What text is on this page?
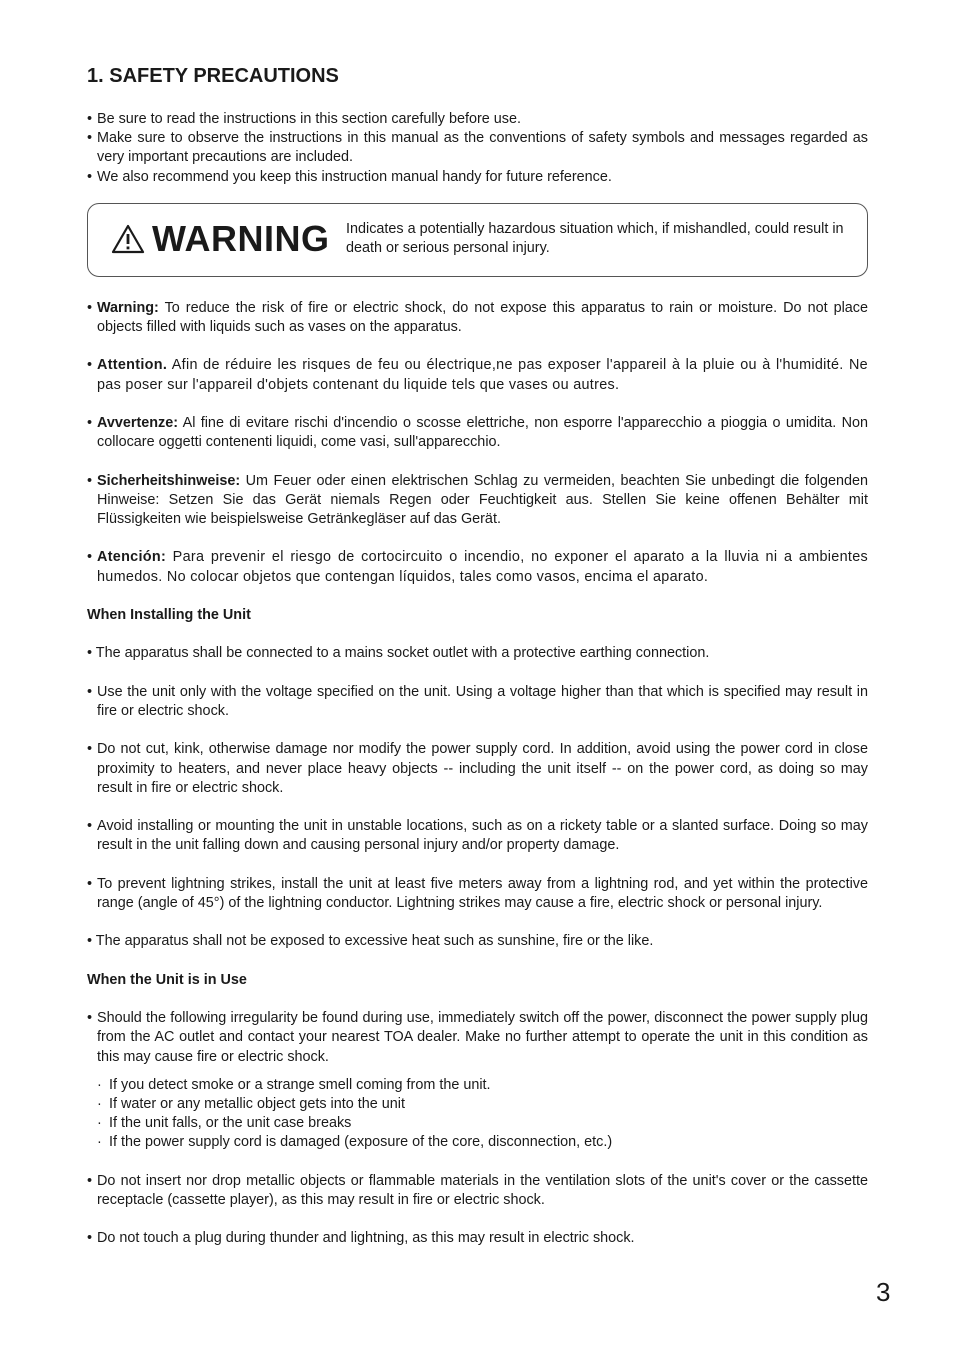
1. SAFETY PRECAUTIONS
• Be sure to read the instructions in this section carefully before use.
• Make sure to observe the instructions in this manual as the conventions of safety symbols and messages regarded as very important precautions are included.
• We also recommend you keep this instruction manual handy for future reference.
WARNING Indicates a potentially hazardous situation which, if mishandled, could result in death or serious personal injury.
• Warning: To reduce the risk of fire or electric shock, do not expose this apparatus to rain or moisture. Do not place objects filled with liquids such as vases on the apparatus.
• Attention. Afin de réduire les risques de feu ou électrique,ne pas exposer l'appareil à la pluie ou à l'humidité. Ne pas poser sur l'appareil d'objets contenant du liquide tels que vases ou autres.
• Avvertenze: Al fine di evitare rischi d'incendio o scosse elettriche, non esporre l'apparecchio a pioggia o umidita. Non collocare oggetti contenenti liquidi, come vasi, sull'apparecchio.
• Sicherheitshinweise: Um Feuer oder einen elektrischen Schlag zu vermeiden, beachten Sie unbedingt die folgenden Hinweise: Setzen Sie das Gerät niemals Regen oder Feuchtigkeit aus. Stellen Sie keine offenen Behälter mit Flüssigkeiten wie beispielsweise Getränkegläser auf das Gerät.
• Atención: Para prevenir el riesgo de cortocircuito o incendio, no exponer el aparato a la lluvia ni a ambientes humedos. No colocar objetos que contengan líquidos, tales como vasos, encima el aparato.
When Installing the Unit
• The apparatus shall be connected to a mains socket outlet with a protective earthing connection.
• Use the unit only with the voltage specified on the unit. Using a voltage higher than that which is specified may result in fire or electric shock.
• Do not cut, kink, otherwise damage nor modify the power supply cord. In addition, avoid using the power cord in close proximity to heaters, and never place heavy objects -- including the unit itself -- on the power cord, as doing so may result in fire or electric shock.
• Avoid installing or mounting the unit in unstable locations, such as on a rickety table or a slanted surface. Doing so may result in the unit falling down and causing personal injury and/or property damage.
• To prevent lightning strikes, install the unit at least five meters away from a lightning rod, and yet within the protective range (angle of 45°) of the lightning conductor. Lightning strikes may cause a fire, electric shock or personal injury.
• The apparatus shall not be exposed to excessive heat such as sunshine, fire or the like.
When the Unit is in Use
• Should the following irregularity be found during use, immediately switch off the power, disconnect the power supply plug from the AC outlet and contact your nearest TOA dealer. Make no further attempt to operate the unit in this condition as this may cause fire or electric shock.
· If you detect smoke or a strange smell coming from the unit.
· If water or any metallic object gets into the unit
· If the unit falls, or the unit case breaks
· If the power supply cord is damaged (exposure of the core, disconnection, etc.)
• Do not insert nor drop metallic objects or flammable materials in the ventilation slots of the unit's cover or the cassette receptacle (cassette player), as this may result in fire or electric shock.
• Do not touch a plug during thunder and lightning, as this may result in electric shock.
3
